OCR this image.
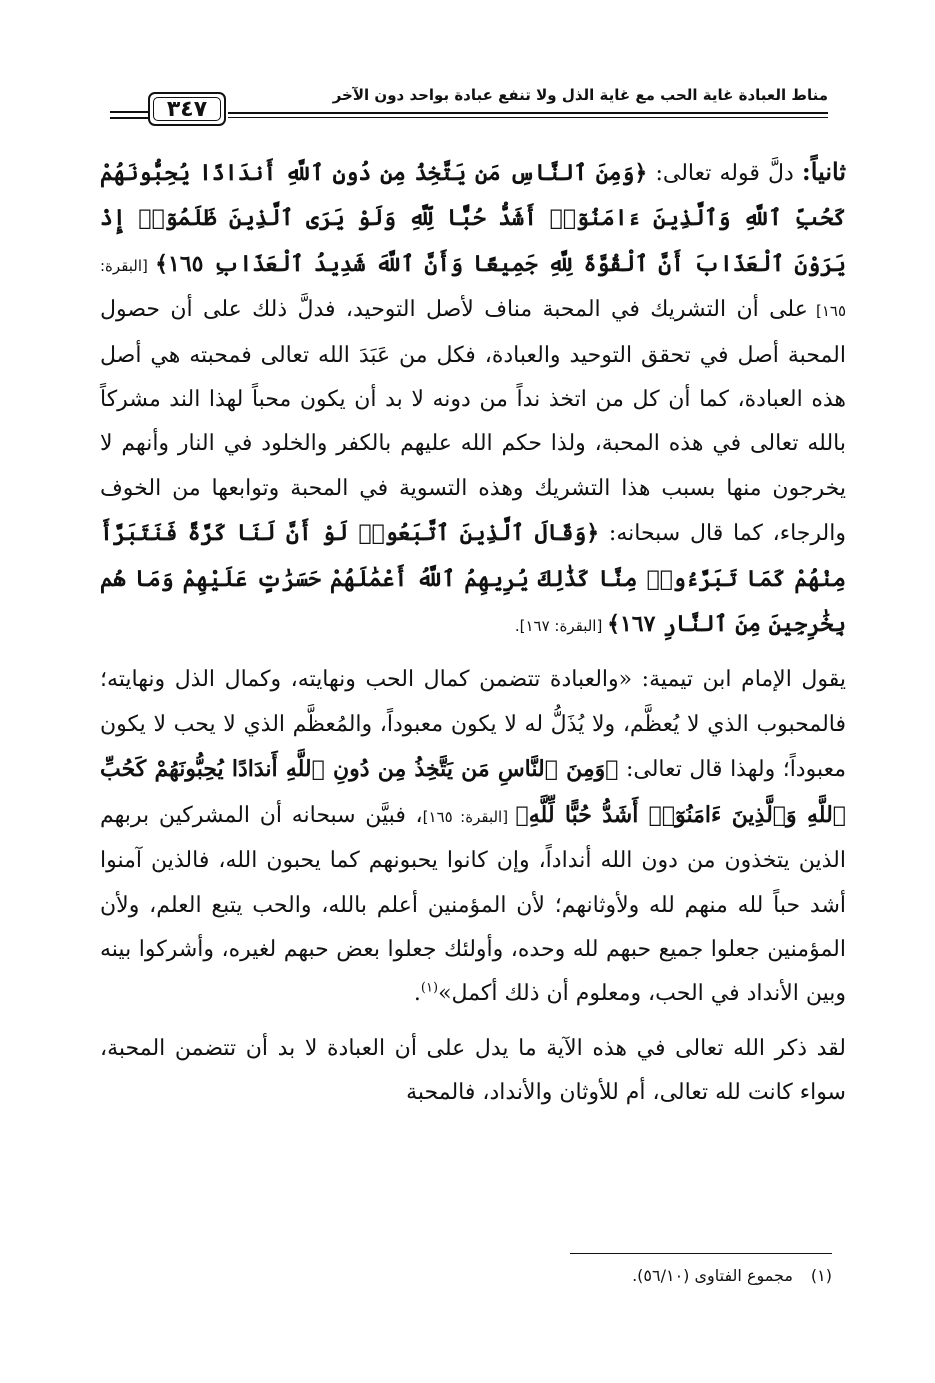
مناط العبادة غاية الحب مع غاية الذل ولا تنفع عبادة بواحد دون الآخر
٣٤٧

ثانياً: دلَّ قوله تعالى: ﴿وَمِنَ ٱلنَّاسِ مَن يَتَّخِذُ مِن دُونِ ٱللَّهِ أَندَادًا يُحِبُّونَهُمْ كَحُبِّ ٱللَّهِ وَٱلَّذِينَ ءَامَنُوٓا۟ أَشَدُّ حُبًّا لِّلَّهِ وَلَوْ يَرَى ٱلَّذِينَ ظَلَمُوٓا۟ إِذْ يَرَوْنَ ٱلْعَذَابَ أَنَّ ٱلْقُوَّةَ لِلَّهِ جَمِيعًا وَأَنَّ ٱللَّهَ شَدِيدُ ٱلْعَذَابِ ١٦٥﴾ [البقرة: ١٦٥] على أن التشريك في المحبة مناف لأصل التوحيد، فدلَّ ذلك على أن حصول المحبة أصل في تحقق التوحيد والعبادة، فكل من عَبَدَ الله تعالى فمحبته هي أصل هذه العبادة، كما أن كل من اتخذ نداً من دونه لا بد أن يكون محباً لهذا الند مشركاً بالله تعالى في هذه المحبة، ولذا حكم الله عليهم بالكفر والخلود في النار وأنهم لا يخرجون منها بسبب هذا التشريك وهذه التسوية في المحبة وتوابعها من الخوف والرجاء، كما قال سبحانه: ﴿وَقَالَ ٱلَّذِينَ ٱتَّبَعُوا۟ لَوْ أَنَّ لَنَا كَرَّةً فَنَتَبَرَّأَ مِنْهُمْ كَمَا تَبَرَّءُوا۟ مِنَّا كَذَٰلِكَ يُرِيهِمُ ٱللَّهُ أَعْمَٰلَهُمْ حَسَرَٰتٍ عَلَيْهِمْ وَمَا هُم بِخَٰرِجِينَ مِنَ ٱلنَّارِ ١٦٧﴾ [البقرة: ١٦٧].

يقول الإمام ابن تيمية: «والعبادة تتضمن كمال الحب ونهايته، وكمال الذل ونهايته؛ فالمحبوب الذي لا يُعظَّم، ولا يُذَلُّ له لا يكون معبوداً، والمُعظَّم الذي لا يحب لا يكون معبوداً؛ ولهذا قال تعالى: ﴿وَمِنَ ٱلنَّاسِ مَن يَتَّخِذُ مِن دُونِ ٱللَّهِ أَندَادًا يُحِبُّونَهُمْ كَحُبِّ ٱللَّهِ وَٱلَّذِينَ ءَامَنُوٓا۟ أَشَدُّ حُبًّا لِّلَّهِ﴾ [البقرة: ١٦٥]، فبيَّن سبحانه أن المشركين بربهم الذين يتخذون من دون الله أنداداً، وإن كانوا يحبونهم كما يحبون الله، فالذين آمنوا أشد حباً لله منهم لله ولأوثانهم؛ لأن المؤمنين أعلم بالله، والحب يتبع العلم، ولأن المؤمنين جعلوا جميع حبهم لله وحده، وأولئك جعلوا بعض حبهم لغيره، وأشركوا بينه وبين الأنداد في الحب، ومعلوم أن ذلك أكمل»$^{(١)}$.

لقد ذكر الله تعالى في هذه الآية ما يدل على أن العبادة لا بد أن تتضمن المحبة، سواء كانت لله تعالى، أم للأوثان والأنداد، فالمحبة

(١)مجموع الفتاوى (٥٦/١٠).
